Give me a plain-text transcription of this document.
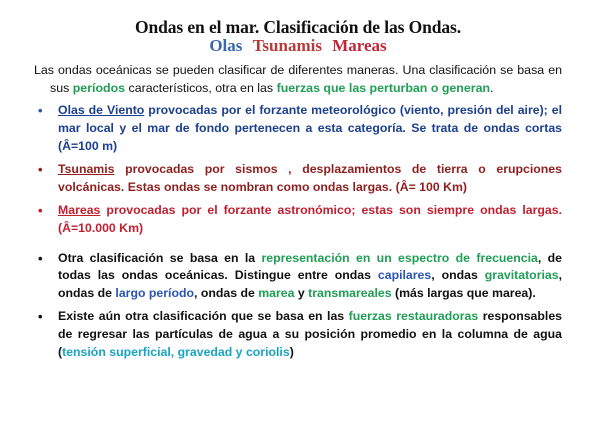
Ondas en el mar. Clasificación de las Ondas.
Olas Tsunamis Mareas

Las ondas oceánicas se pueden clasificar de diferentes maneras. Una clasificación se basa en sus períodos característicos, otra en las fuerzas que las perturban o generan.

• Olas de Viento provocadas por el forzante meteorológico (viento, presión del aire); el mar local y el mar de fondo pertenecen a esta categoría. Se trata de ondas cortas (Ȃ=100 m)
• Tsunamis provocadas por sismos , desplazamientos de tierra o erupciones volcánicas. Estas ondas se nombran como ondas largas. (Ȃ= 100 Km)
• Mareas provocadas por el forzante astronómico; estas son siempre ondas largas. (Ȃ=10.000 Km)
• Otra clasificación se basa en la representación en un espectro de frecuencia, de todas las ondas oceánicas. Distingue entre ondas capilares, ondas gravitatorias, ondas de largo período, ondas de marea y transmareales (más largas que marea).
• Existe aún otra clasificación que se basa en las fuerzas restauradoras responsables de regresar las partículas de agua a su posición promedio en la columna de agua (tensión superficial, gravedad y coriolis)
